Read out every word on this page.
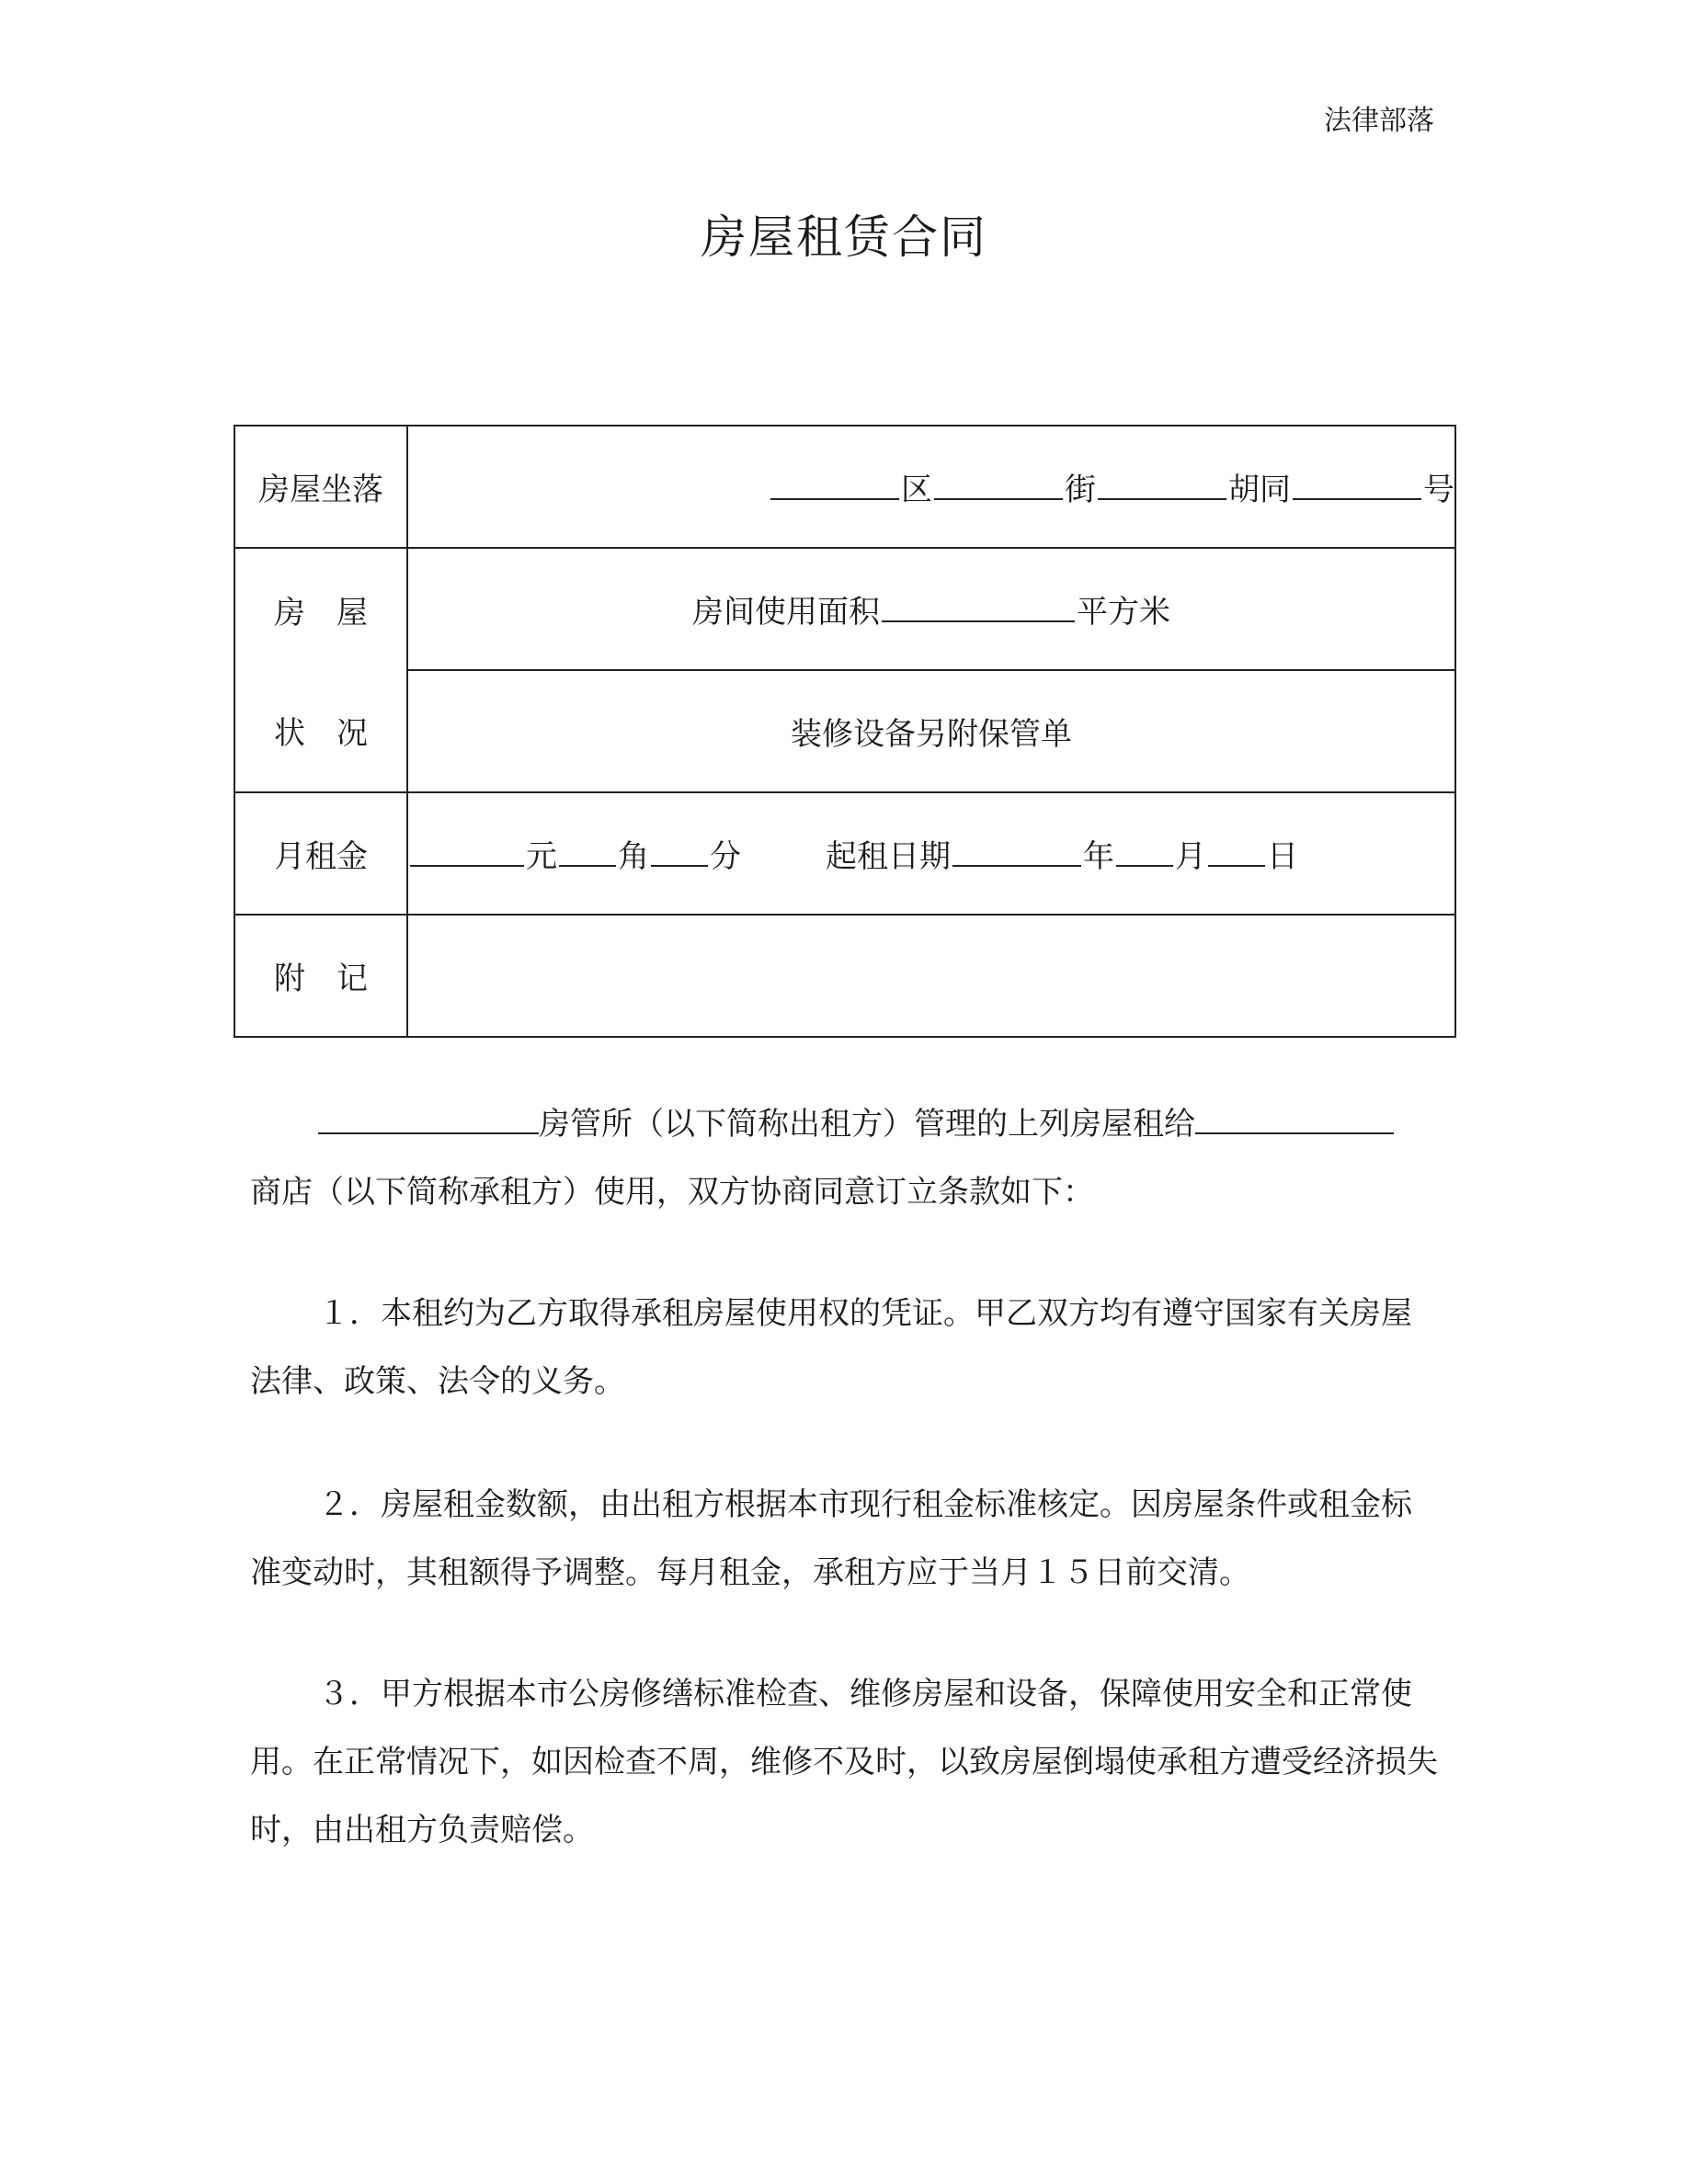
法律部落
房屋租赁合同
房屋坐落	区 街 胡同 号

房　屋
状　况	房间使用面积 平方米
	装修设备另附保管单
月租金	元 角 分 起租日期 年 月 日
附　记	
房管所（以下简称出租方）管理的上列房屋租给
商店（以下简称承租方）使用，双方协商同意订立条款如下：
１．本租约为乙方取得承租房屋使用权的凭证。甲乙双方均有遵守国家有关房屋法律、政策、法令的义务。
２．房屋租金数额，由出租方根据本市现行租金标准核定。因房屋条件或租金标准变动时，其租额得予调整。每月租金，承租方应于当月１５日前交清。
３．甲方根据本市公房修缮标准检查、维修房屋和设备，保障使用安全和正常使用。在正常情况下，如因检查不周，维修不及时，以致房屋倒塌使承租方遭受经济损失时，由出租方负责赔偿。
